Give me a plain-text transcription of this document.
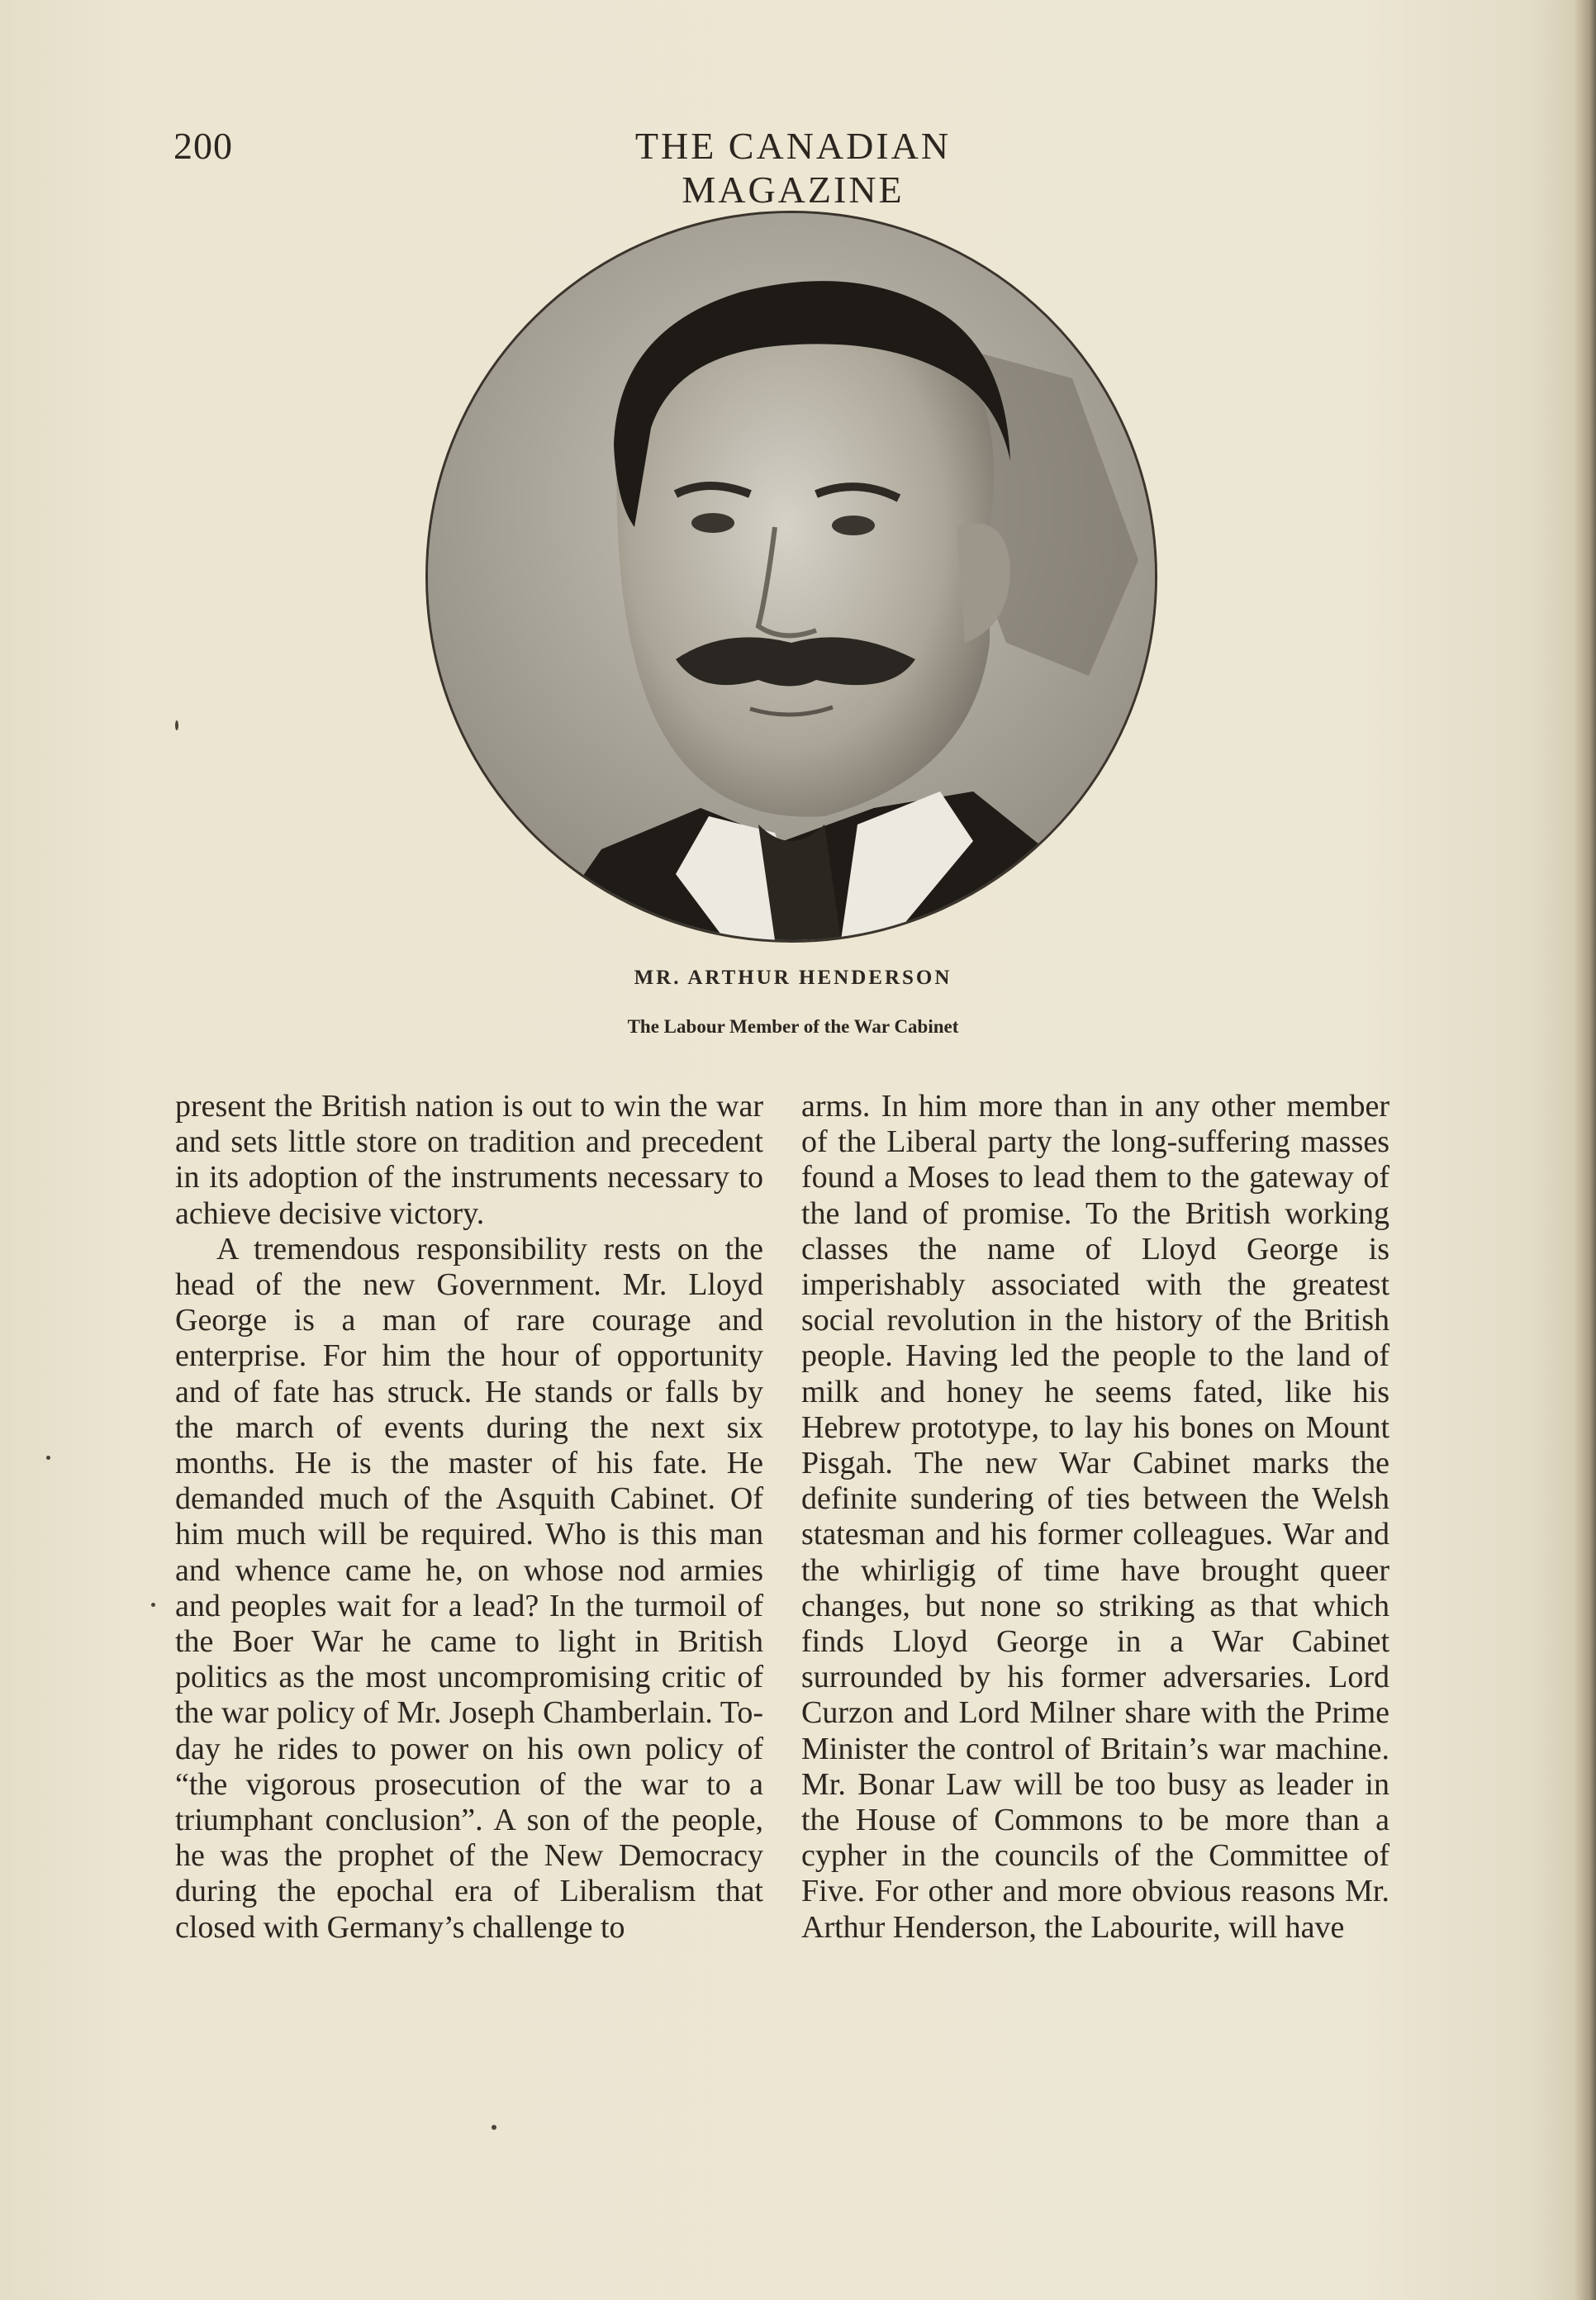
200	THE CANADIAN MAGAZINE
MR. ARTHUR HENDERSON
The Labour Member of the War Cabinet

present the British nation is out to win the war and sets little store on tradition and precedent in its adoption of the instruments necessary to achieve decisive victory.

A tremendous responsibility rests on the head of the new Government. Mr. Lloyd George is a man of rare courage and enterprise. For him the hour of opportunity and of fate has struck. He stands or falls by the march of events during the next six months. He is the master of his fate. He demanded much of the Asquith Cabinet. Of him much will be required. Who is this man and whence came he, on whose nod armies and peoples wait for a lead? In the turmoil of the Boer War he came to light in British politics as the most uncompromising critic of the war policy of Mr. Joseph Chamberlain. To-day he rides to power on his own policy of “the vigorous prosecution of the war to a triumphant conclusion”. A son of the people, he was the prophet of the New Democracy during the epochal era of Liberalism that closed with Germany’s challenge to

arms. In him more than in any other member of the Liberal party the long-suffering masses found a Moses to lead them to the gateway of the land of promise. To the British working classes the name of Lloyd George is imperishably associated with the greatest social revolution in the history of the British people. Having led the people to the land of milk and honey he seems fated, like his Hebrew prototype, to lay his bones on Mount Pisgah. The new War Cabinet marks the definite sundering of ties between the Welsh statesman and his former colleagues. War and the whirligig of time have brought queer changes, but none so striking as that which finds Lloyd George in a War Cabinet surrounded by his former adversaries. Lord Curzon and Lord Milner share with the Prime Minister the control of Britain’s war machine. Mr. Bonar Law will be too busy as leader in the House of Commons to be more than a cypher in the councils of the Committee of Five. For other and more obvious reasons Mr. Arthur Henderson, the Labourite, will have
